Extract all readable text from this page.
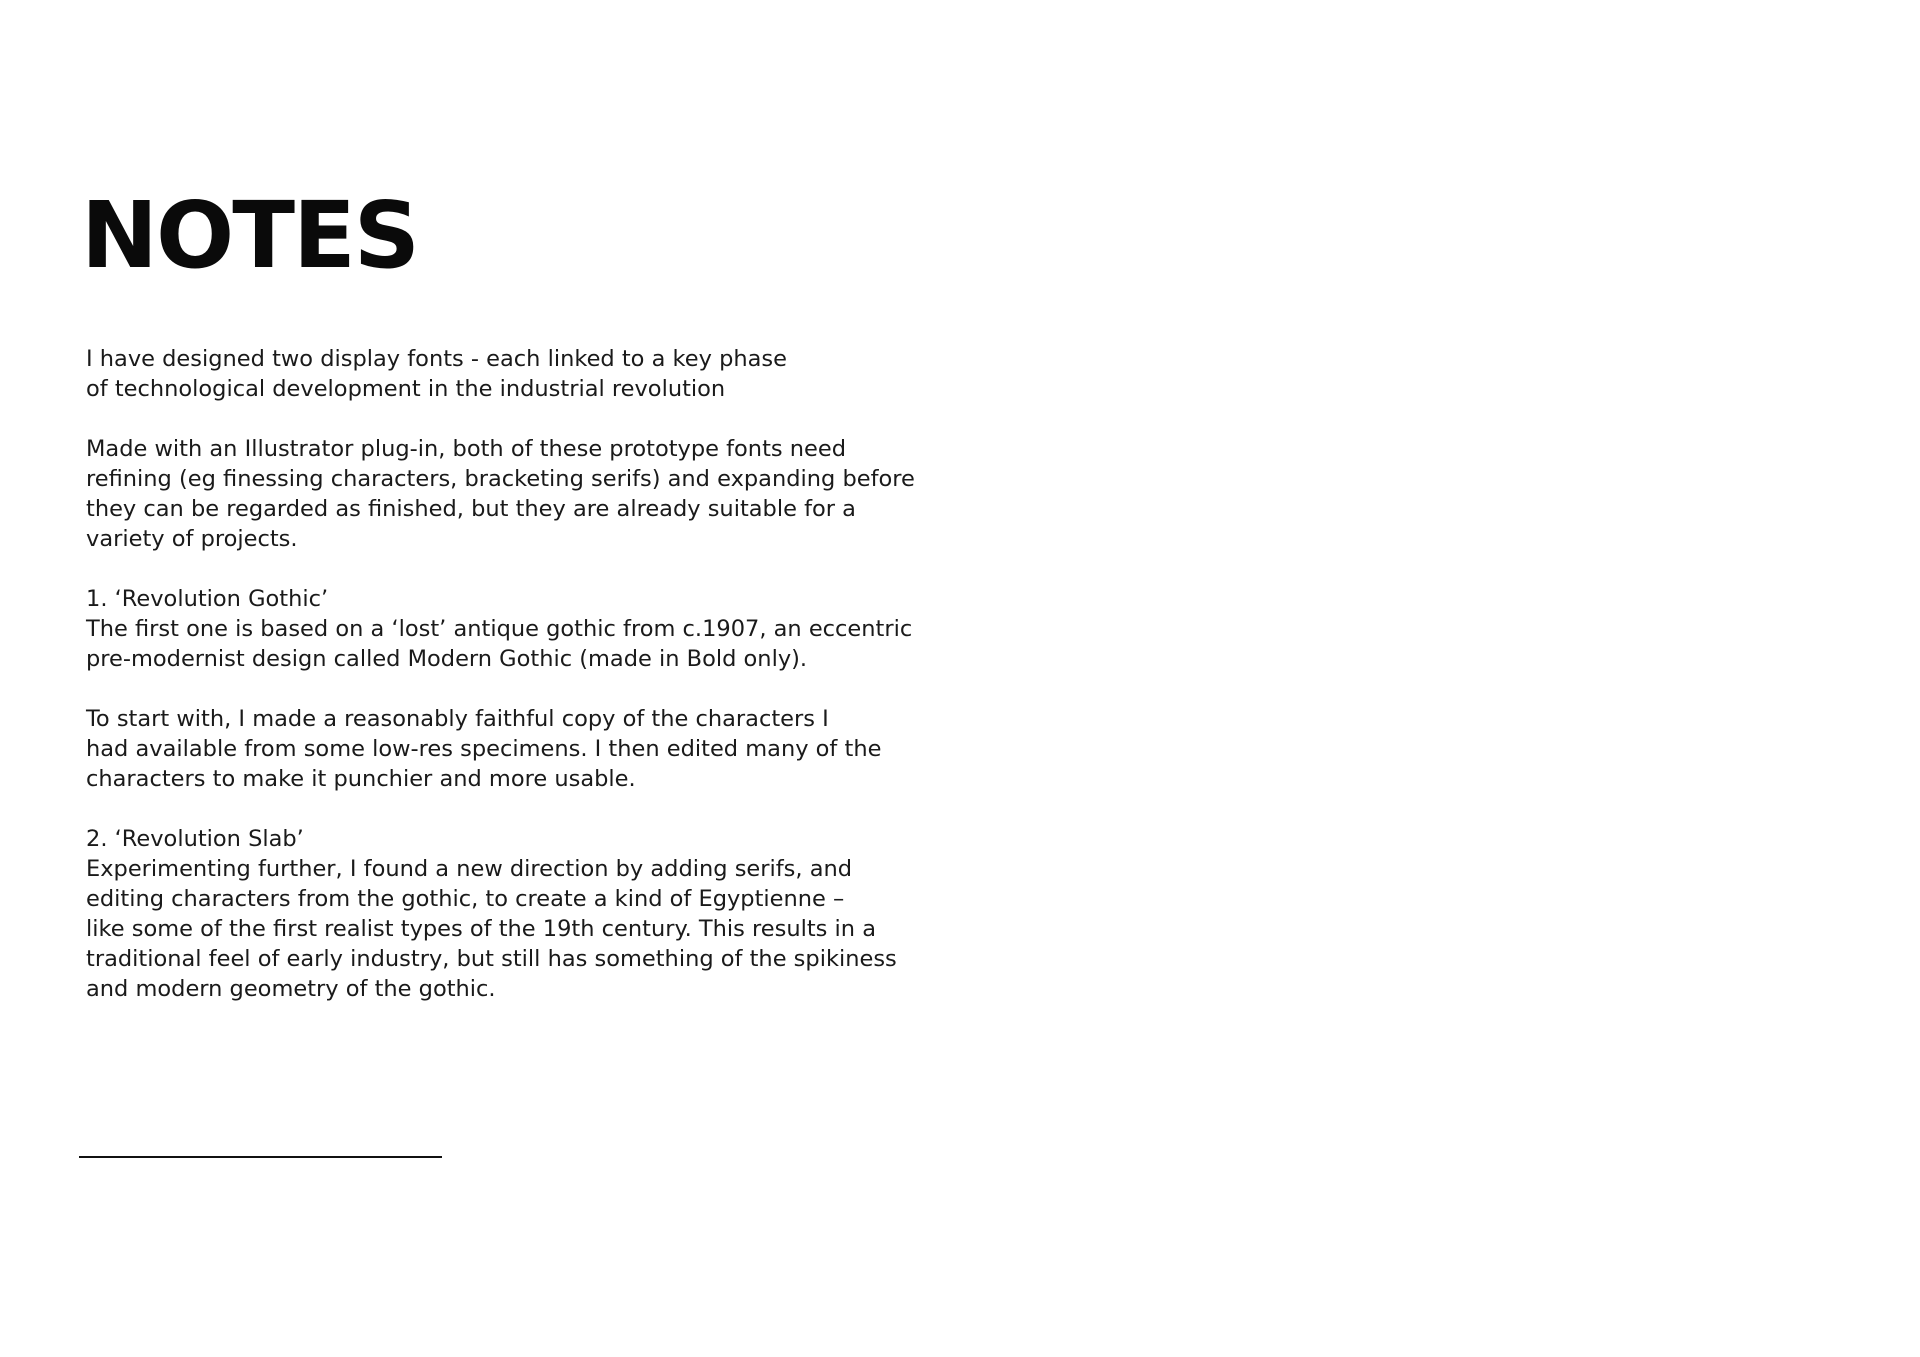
NOTES

I have designed two display fonts - each linked to a key phase
of technological development in the industrial revolution

Made with an Illustrator plug-in, both of these prototype fonts need
refining (eg finessing characters, bracketing serifs) and expanding before
they can be regarded as finished, but they are already suitable for a
variety of projects.

1. ‘Revolution Gothic’
The first one is based on a ‘lost’ antique gothic from c.1907, an eccentric
pre-modernist design called Modern Gothic (made in Bold only).

To start with, I made a reasonably faithful copy of the characters I
had available from some low-res specimens. I then edited many of the
characters to make it punchier and more usable.

2. ‘Revolution Slab’
Experimenting further, I found a new direction by adding serifs, and
editing characters from the gothic, to create a kind of Egyptienne –
like some of the first realist types of the 19th century. This results in a
traditional feel of early industry, but still has something of the spikiness
and modern geometry of the gothic.
